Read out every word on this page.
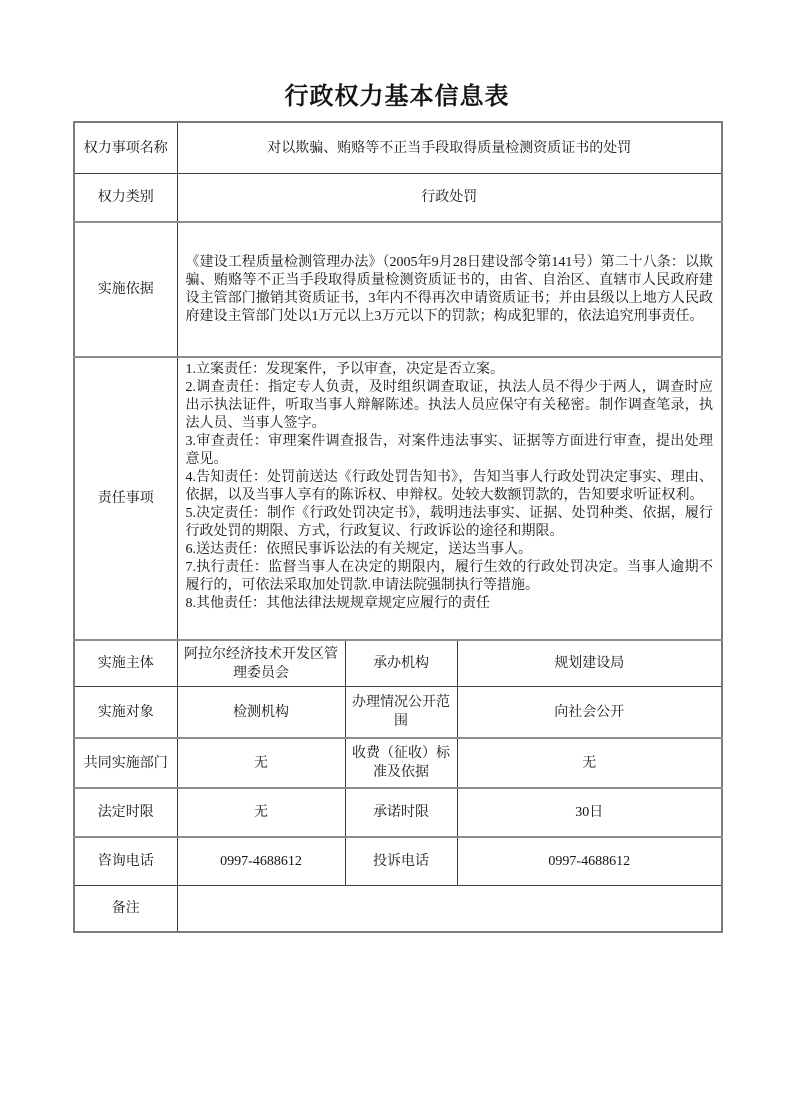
行政权力基本信息表
权力事项名称	对以欺骗、贿赂等不正当手段取得质量检测资质证书的处罚		
权力类别	行政处罚		
实施依据	《建设工程质量检测管理办法》（2005年9月28日建设部令第141号）第二十八条：以欺骗、贿赂等不正当手段取得质量检测资质证书的，由省、自治区、直辖市人民政府建设主管部门撤销其资质证书，3年内不得再次申请资质证书；并由县级以上地方人民政府建设主管部门处以1万元以上3万元以下的罚款；构成犯罪的，依法追究刑事责任。		
责任事项	
1.立案责任：发现案件，予以审查，决定是否立案。
2.调查责任：指定专人负责，及时组织调查取证，执法人员不得少于两人，调查时应出示执法证件，听取当事人辩解陈述。执法人员应保守有关秘密。制作调查笔录，执法人员、当事人签字。
3.审查责任：审理案件调查报告，对案件违法事实、证据等方面进行审查，提出处理意见。
4.告知责任：处罚前送达《行政处罚告知书》，告知当事人行政处罚决定事实、理由、依据，以及当事人享有的陈诉权、申辩权。处较大数额罚款的，告知要求听证权利。
5.决定责任：制作《行政处罚决定书》，载明违法事实、证据、处罚种类、依据，履行行政处罚的期限、方式，行政复议、行政诉讼的途径和期限。
6.送达责任：依照民事诉讼法的有关规定，送达当事人。
7.执行责任：监督当事人在决定的期限内，履行生效的行政处罚决定。当事人逾期不履行的，可依法采取加处罚款.申请法院强制执行等措施。
8.其他责任：其他法律法规规章规定应履行的责任

实施主体	阿拉尔经济技术开发区管理委员会	承办机构	规划建设局
实施对象	检测机构	办理情况公开范围	向社会公开
共同实施部门	无	收费（征收）标准及依据	无
法定时限	无	承诺时限	30日
咨询电话	0997-4688612	投诉电话	0997-4688612
备注			
